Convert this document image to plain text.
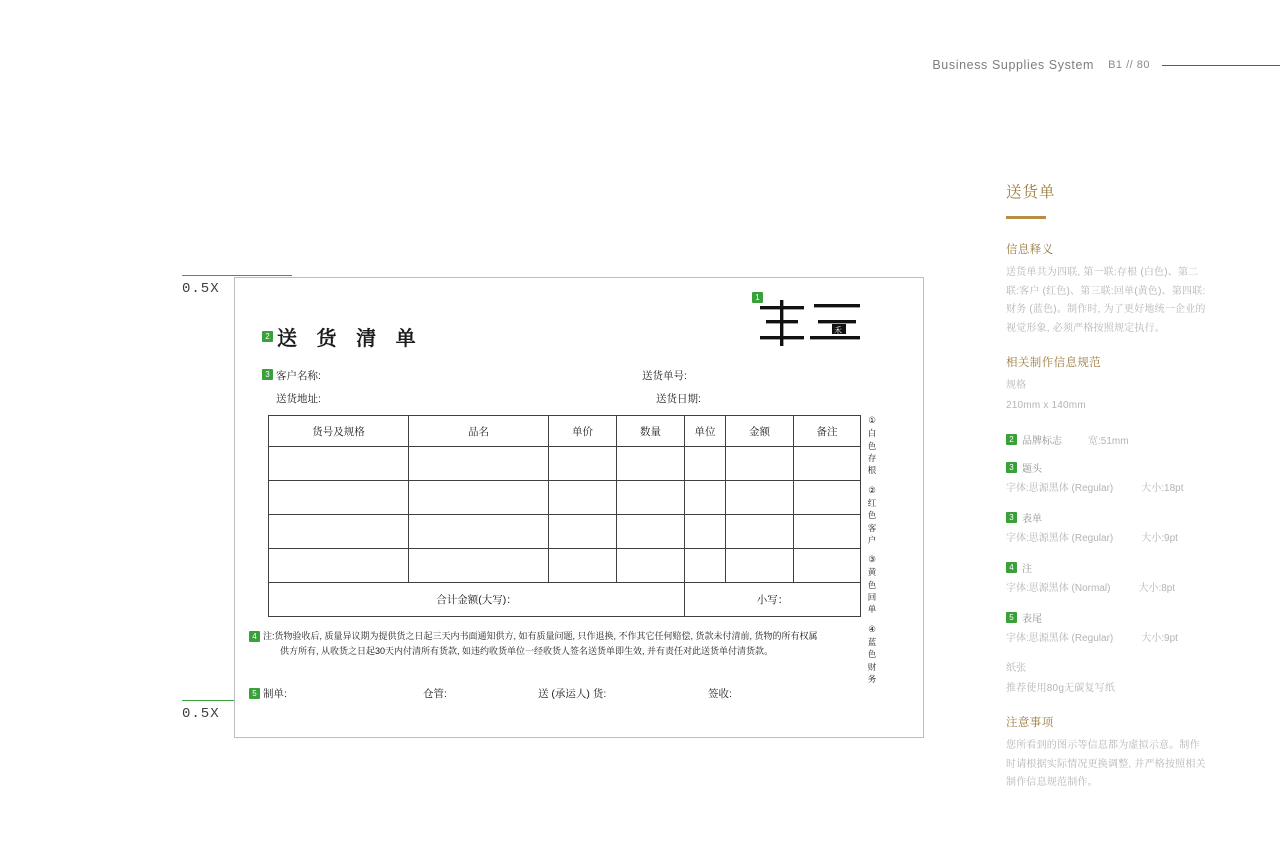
Business Supplies System B1 // 80
0.5X
0.5X
1
禾
2 送 货 清 单
3 客户名称:	送货单号:
送货地址:	送货日期:
货号及规格	品名	单价	数量	单位	金额	备注

合计金额(大写)：				小写：		
①
白色存根
②
红色客户
③
黄色回单
④
蓝色财务
4 注:货物验收后, 质量异议期为提供货之日起三天内书面通知供方, 如有质量问题, 只作退换, 不作其它任何赔偿, 货款未付清前, 货物的所有权属
供方所有, 从收货之日起30天内付清所有货款, 如违约收货单位一经收货人签名送货单即生效, 并有责任对此送货单付清货款。
5 制单:	仓管:	送 (承运人) 货:	签收:
送货单
信息释义

送货单共为四联, 第一联:存根 (白色)、第二联:客户 (红色)、第三联:回单(黄色)、第四联:财务 (蓝色)。制作时, 为了更好地统一企业的视觉形象, 必须严格按照规定执行。

相关制作信息规范
规格
210mm x 140mm
2 品牌标志	宽:51mm
3 题头
字体:思源黑体 (Regular)	大小:18pt
3 表单
字体:思源黑体 (Regular)	大小:9pt
4 注
字体:思源黑体 (Normal)	大小:8pt
5 表尾
字体:思源黑体 (Regular)	大小:9pt
纸张
推荐使用80g无碳复写纸
注意事项

您所看到的图示等信息都为虚拟示意。制作时请根据实际情况更换调整, 并严格按照相关制作信息规范制作。
